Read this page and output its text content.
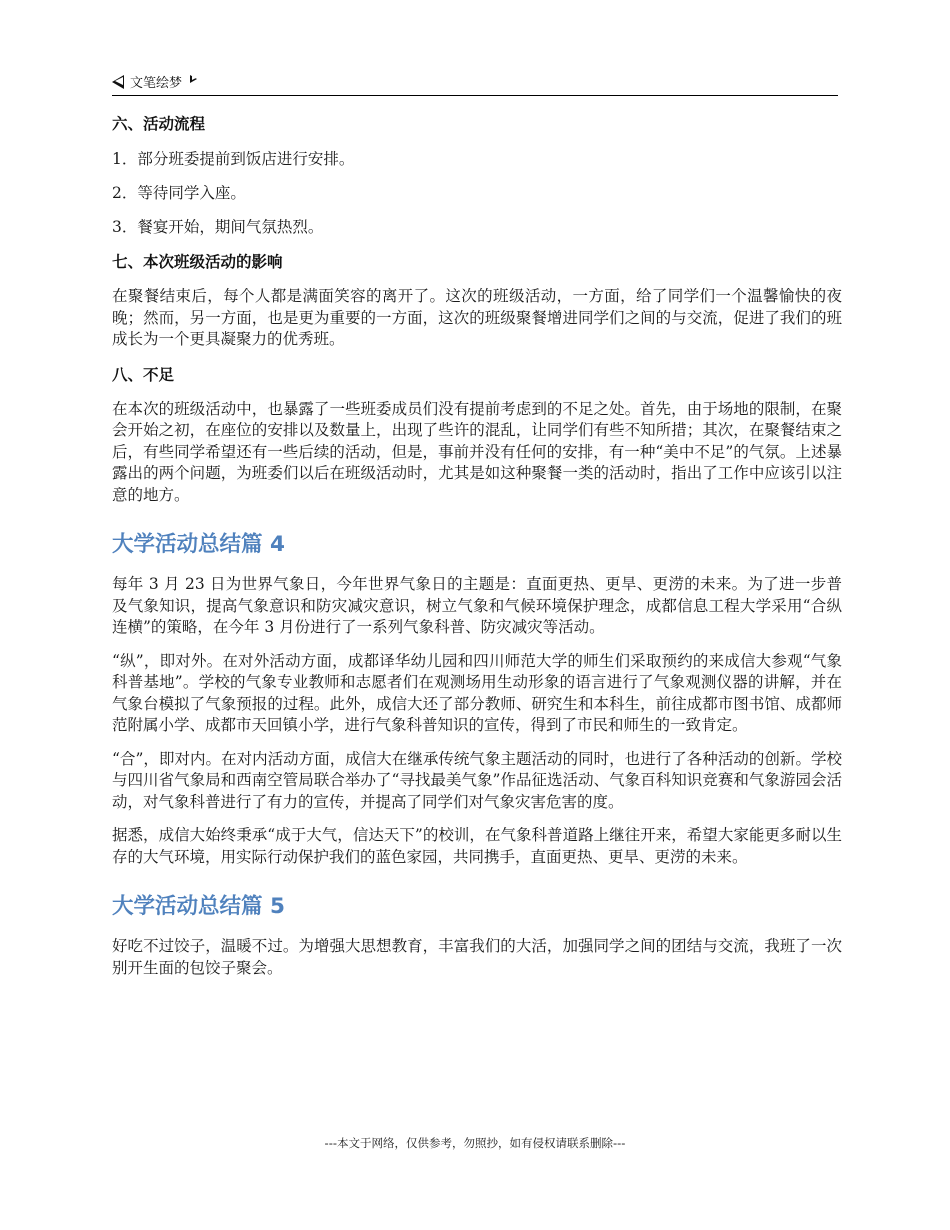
文笔绘梦
六、活动流程

1．部分班委提前到饭店进行安排。

2．等待同学入座。

3．餐宴开始，期间气氛热烈。

七、本次班级活动的影响

在聚餐结束后，每个人都是满面笑容的离开了。这次的班级活动，一方面，给了同学们一个温馨愉快的夜晚；然而，另一方面，也是更为重要的一方面，这次的班级聚餐增进同学们之间的与交流，促进了我们的班成长为一个更具凝聚力的优秀班。

八、不足

在本次的班级活动中，也暴露了一些班委成员们没有提前考虑到的不足之处。首先，由于场地的限制，在聚会开始之初，在座位的安排以及数量上，出现了些许的混乱，让同学们有些不知所措；其次，在聚餐结束之后，有些同学希望还有一些后续的活动，但是，事前并没有任何的安排，有一种“美中不足”的气氛。上述暴露出的两个问题，为班委们以后在班级活动时，尤其是如这种聚餐一类的活动时，指出了工作中应该引以注意的地方。

大学活动总结篇 4

每年 3 月 23 日为世界气象日，今年世界气象日的主题是：直面更热、更旱、更涝的未来。为了进一步普及气象知识，提高气象意识和防灾减灾意识，树立气象和气候环境保护理念，成都信息工程大学采用“合纵连横”的策略，在今年 3 月份进行了一系列气象科普、防灾减灾等活动。

“纵”，即对外。在对外活动方面，成都译华幼儿园和四川师范大学的师生们采取预约的来成信大参观“气象科普基地”。学校的气象专业教师和志愿者们在观测场用生动形象的语言进行了气象观测仪器的讲解，并在气象台模拟了气象预报的过程。此外，成信大还了部分教师、研究生和本科生，前往成都市图书馆、成都师范附属小学、成都市天回镇小学，进行气象科普知识的宣传，得到了市民和师生的一致肯定。

“合”，即对内。在对内活动方面，成信大在继承传统气象主题活动的同时，也进行了各种活动的创新。学校与四川省气象局和西南空管局联合举办了“寻找最美气象”作品征选活动、气象百科知识竞赛和气象游园会活动，对气象科普进行了有力的宣传，并提高了同学们对气象灾害危害的度。

据悉，成信大始终秉承“成于大气，信达天下”的校训，在气象科普道路上继往开来，希望大家能更多耐以生存的大气环境，用实际行动保护我们的蓝色家园，共同携手，直面更热、更旱、更涝的未来。

大学活动总结篇 5

好吃不过饺子，温暖不过。为增强大思想教育，丰富我们的大活，加强同学之间的团结与交流，我班了一次别开生面的包饺子聚会。

---本文于网络，仅供参考，勿照抄，如有侵权请联系删除---
